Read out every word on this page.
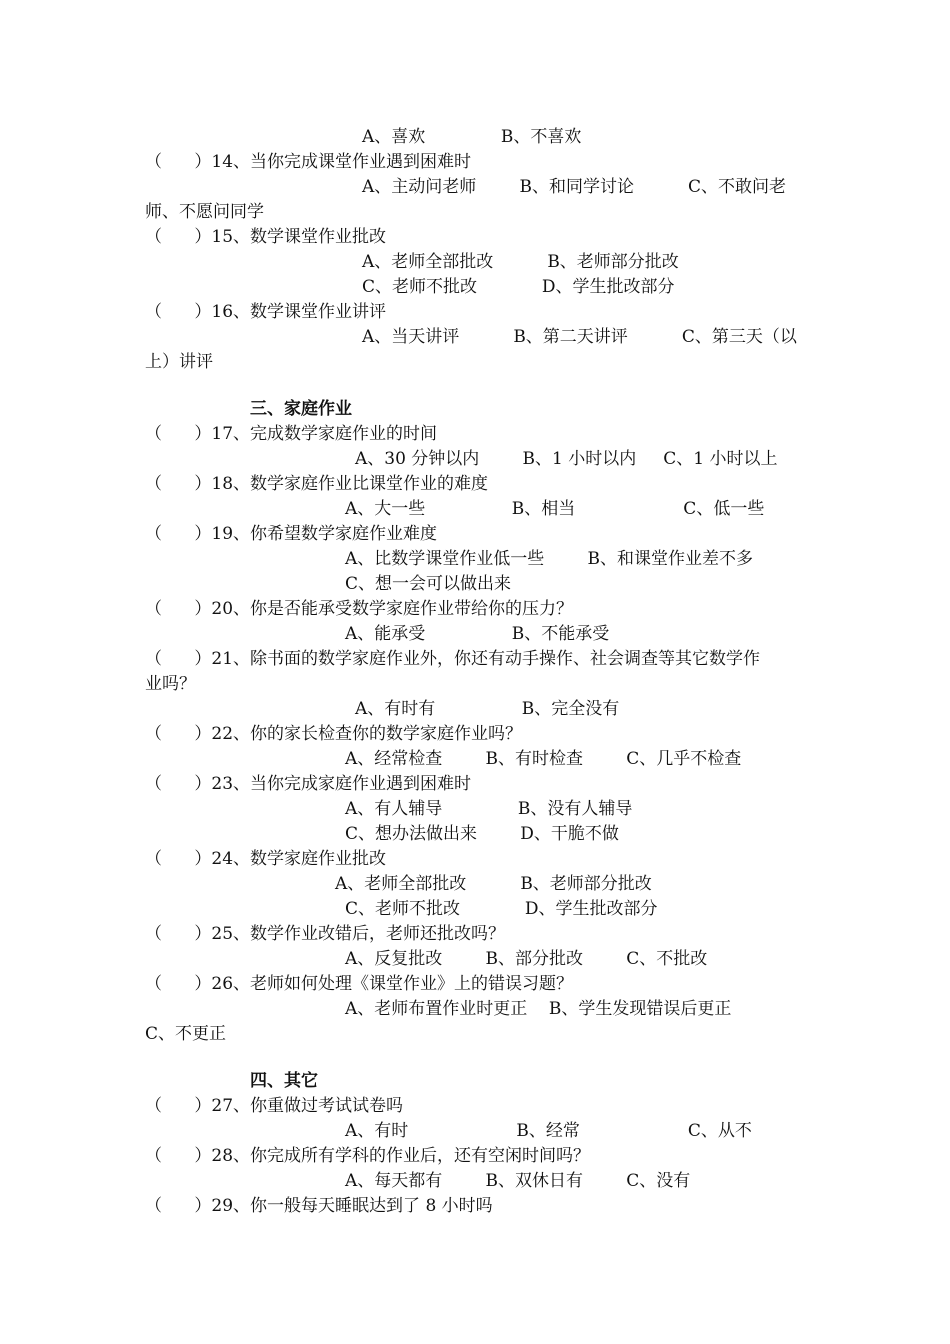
A、喜欢              B、不喜欢
（      ）14、当你完成课堂作业遇到困难时
A、主动问老师        B、和同学讨论          C、不敢问老
师、不愿问同学
（      ）15、数学课堂作业批改
A、老师全部批改          B、老师部分批改
C、老师不批改            D、学生批改部分
（      ）16、数学课堂作业讲评
A、当天讲评          B、第二天讲评          C、第三天（以
上）讲评
三、家庭作业
（      ）17、完成数学家庭作业的时间
A、30 分钟以内        B、1 小时以内     C、1 小时以上
（      ）18、数学家庭作业比课堂作业的难度
A、大一些                B、相当                    C、低一些
（      ）19、你希望数学家庭作业难度
A、比数学课堂作业低一些        B、和课堂作业差不多
C、想一会可以做出来
（      ）20、你是否能承受数学家庭作业带给你的压力？
A、能承受                B、不能承受
（      ）21、除书面的数学家庭作业外，你还有动手操作、社会调查等其它数学作
业吗？
A、有时有                B、完全没有
（      ）22、你的家长检查你的数学家庭作业吗？
A、经常检查        B、有时检查        C、几乎不检查
（      ）23、当你完成家庭作业遇到困难时
A、有人辅导              B、没有人辅导
C、想办法做出来        D、干脆不做
（      ）24、数学家庭作业批改
A、老师全部批改          B、老师部分批改
C、老师不批改            D、学生批改部分
（      ）25、数学作业改错后，老师还批改吗？
A、反复批改        B、部分批改        C、不批改
（      ）26、老师如何处理《课堂作业》上的错误习题？
A、老师布置作业时更正    B、学生发现错误后更正
C、不更正
四、其它
（      ）27、你重做过考试试卷吗
A、有时                    B、经常                    C、从不
（      ）28、你完成所有学科的作业后，还有空闲时间吗？
A、每天都有        B、双休日有        C、没有
（      ）29、你一般每天睡眠达到了 8 小时吗
